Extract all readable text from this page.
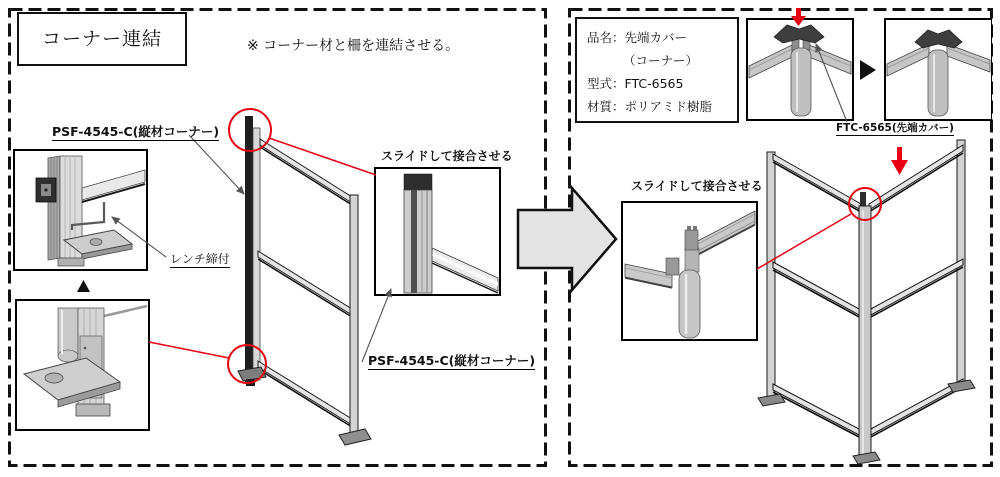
コーナー連結	※ コーナー材と柵を連結させる。
PSF-4545-C(縦材コーナー)
レンチ締付
スライドして接合させる
PSF-4545-C(縦材コーナー)
品名：先端カバー
（コーナー）
型式：FTC-6565
材質：ポリアミド樹脂
FTC-6565(先端カバー)
スライドして接合させる
